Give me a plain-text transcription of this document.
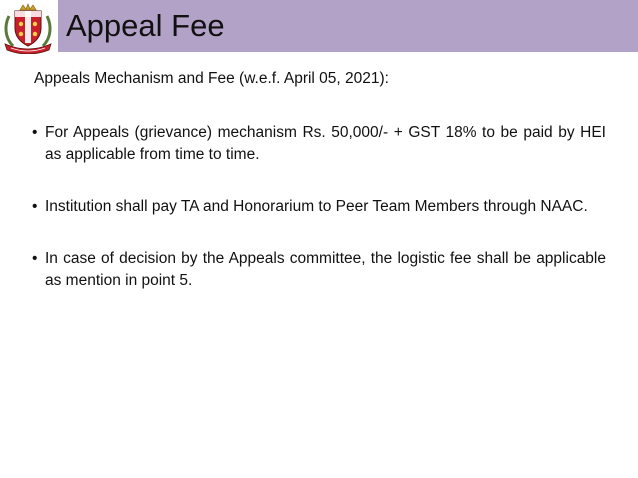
Appeal Fee

Appeals Mechanism and Fee (w.e.f. April 05, 2021):

• For Appeals (grievance) mechanism Rs. 50,000/- + GST 18% to be paid by HEI as applicable from time to time.
• Institution shall pay TA and Honorarium to Peer Team Members through NAAC.
• In case of decision by the Appeals committee, the logistic fee shall be applicable as mention in point 5.
